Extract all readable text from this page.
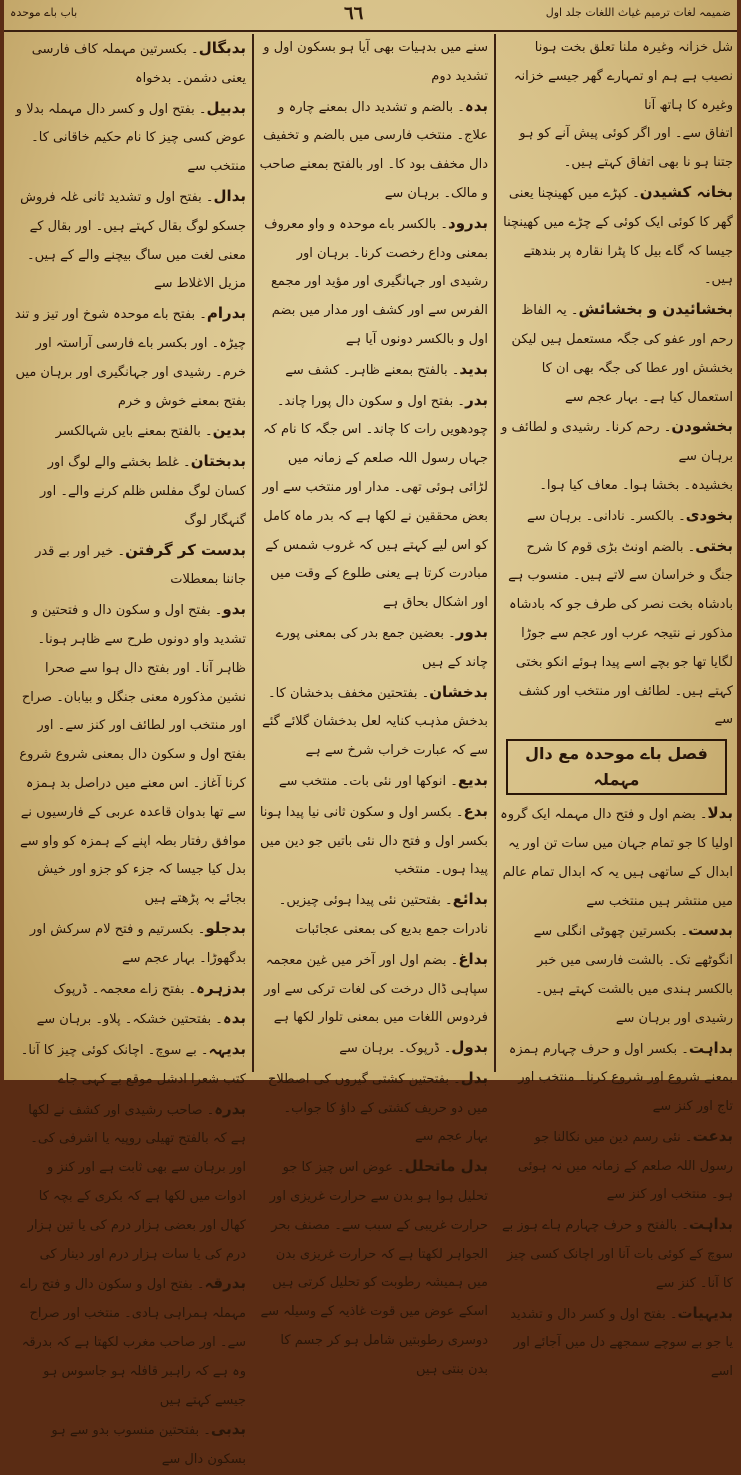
باب باے موحدہ	٦٦	ضمیمہ لغات ترمیم غیاث اللغات جلد اول

شل خزانہ وغیرہ ملنا تعلق بخت ہونا نصیب ہے ہم او تمہارے گھر جیسے خزانہ وغیرہ کا ہاتھ آنا

اتفاق سے۔ اور اگر کوئی پیش آنے کو ہو جتنا ہو نا بھی اتفاق کہتے ہیں۔

بخانہ کشیدن۔ کپڑے میں کھینچنا یعنی گھر کا کوئی ایک کوئی کے چڑے میں کھینچنا جیسا کہ گاے بیل کا پٹرا نقارہ پر بندھتے ہیں۔

بخشائیدن و بخشائش۔ یہ الفاظ رحم اور عفو کی جگہ مستعمل ہیں لیکن بخشش اور عطا کی جگہ بھی ان کا استعمال کیا ہے۔ بہار عجم سے

بخشودن۔ رحم کرنا۔ رشیدی و لطائف و برہان سے

بخشیدہ۔ بخشا ہوا۔ معاف کیا ہوا۔

بخودی۔ بالکسر۔ نادانی۔ برہان سے

بختی۔ بالضم اونٹ بڑی قوم کا شرح جنگ و خراسان سے لاتے ہیں۔ منسوب ہے بادشاہ بخت نصر کی طرف جو کہ بادشاہ مذکور نے نتیجہ عرب اور عجم سے جوڑا لگایا تھا جو بچے اسے پیدا ہوئے انکو بختی کہتے ہیں۔ لطائف اور منتخب اور کشف سے

فصل باے موحدہ مع دال مہملہ

بدلا۔ بضم اول و فتح دال مہملہ ایک گروہ اولیا کا جو تمام جہان میں سات تن اور یہ ابدال کے ساتھی ہیں یہ کہ ابدال تمام عالم میں منتشر ہیں منتخب سے

بدست۔ بکسرتین چھوٹی انگلی سے انگوٹھے تک۔ بالشت فارسی میں خبر بالکسر ہندی میں بالشت کہتے ہیں۔ رشیدی اور برہان سے

بداہت۔ بکسر اول و حرف چہارم ہمزہ بمعنے شروع اور شروع کرنا۔ منتخب اور تاج اور کنز سے

بدعت۔ نئی رسم دین میں نکالنا جو رسول اللہ صلعم کے زمانہ میں نہ ہوئی ہو۔ منتخب اور کنز سے

بداہت۔ بالفتح و حرف چہارم ہاے ہوز بے سوچ کے کوئی بات آنا اور اچانک کسی چیز کا آنا۔ کنز سے

بدیہیات۔ بفتح اول و کسر دال و تشدید یا جو بے سوچے سمجھے دل میں آجائے اور اسے

سنے میں بدہیات بھی آیا ہو بسکون اول و تشدید دوم

بدہ۔ بالضم و تشدید دال بمعنے چارہ و علاج۔ منتخب فارسی میں بالضم و تخفیف دال مخفف بود کا۔ اور بالفتح بمعنے صاحب و مالک۔ برہان سے

بدرود۔ بالکسر باے موحدہ و واو معروف بمعنی وداع رخصت کرنا۔ برہان اور رشیدی اور جہانگیری اور مؤید اور مجمع الفرس سے اور کشف اور مدار میں بضم اول و بالکسر دونوں آیا ہے

بدید۔ بالفتح بمعنے ظاہر۔ کشف سے

بدر۔ بفتح اول و سکون دال پورا چاند۔ چودھویں رات کا چاند۔ اس جگہ کا نام کہ جہاں رسول اللہ صلعم کے زمانہ میں لڑائی ہوئی تھی۔ مدار اور منتخب سے اور بعض محققین نے لکھا ہے کہ بدر ماہ کامل کو اس لیے کہتے ہیں کہ غروب شمس کے مبادرت کرتا ہے یعنی طلوع کے وقت میں اور اشکال بحاق ہے

بدور۔ بعضین جمع بدر کی بمعنی پورے چاند کے ہیں

بدخشان۔ بفتحتین مخفف بدخشان کا۔ بدخش مذہب کنایہ لعل بدخشان گلائے گئے سے کہ عبارت خراب شرخ سے ہے

بدیع۔ انوکھا اور نئی بات۔ منتخب سے

بدع۔ بکسر اول و سکون ثانی نیا پیدا ہونا بکسر اول و فتح دال نئی باتیں جو دین میں پیدا ہوں۔ منتخب

بدائع۔ بفتحتین نئی پیدا ہوئی چیزیں۔ نادرات جمع بدیع کی بمعنی عجائبات

بداغ۔ بضم اول اور آخر میں غین معجمہ سپاہی ڈال درخت کی لغات ترکی سے اور فردوس اللغات میں بمعنی تلوار لکھا ہے

بدول۔ ڈرپوک۔ برہان سے

بدل۔ بفتحتین کشتی گیروں کی اصطلاح میں دو حریف کشتی کے داؤ کا جواب۔ بہار عجم سے

بدل ماتحلل۔ عوض اس چیز کا جو تحلیل ہوا ہو بدن سے حرارت غریزی اور حرارت غریبی کے سبب سے۔ مصنف بحر الجواہر لکھتا ہے کہ حرارت غریزی بدن میں ہمیشہ رطوبت کو تحلیل کرتی ہیں اسکے عوض میں قوت غاذیہ کے وسیلہ سے دوسری رطوبتیں شامل ہو کر جسم کا بدن بنتی ہیں

بدبگال۔ بکسرتین مہملہ کاف فارسی یعنی دشمن۔ بدخواہ

بدبیل۔ بفتح اول و کسر دال مہملہ بدلا و عوض کسی چیز کا نام حکیم خاقانی کا۔ منتخب سے

بدال۔ بفتح اول و تشدید ثانی غلہ فروش جسکو لوگ بقال کہتے ہیں۔ اور بقال کے معنی لغت میں ساگ بیچنے والے کے ہیں۔ مزیل الاغلاط سے

بدرام۔ بفتح باے موحدہ شوخ اور تیز و تند چیڑہ۔ اور بکسر باے فارسی آراستہ اور خرم۔ رشیدی اور جہانگیری اور برہان میں بفتح بمعنے خوش و خرم

بدین۔ بالفتح بمعنے بایں شہالکسر

بدبختان۔ غلط بخشے والے لوگ اور کسان لوگ مفلس ظلم کرنے والے۔ اور گنہگار لوگ

بدست کر گرفتن۔ خیر اور بے قدر جاننا بمعطلات

بدو۔ بفتح اول و سکون دال و فتحتین و تشدید واو دونوں طرح سے ظاہر ہونا۔ ظاہر آنا۔ اور بفتح دال ہوا سے صحرا نشین مذکورہ معنی جنگل و بیابان۔ صراح اور منتخب اور لطائف اور کنز سے۔ اور بفتح اول و سکون دال بمعنی شروع شروع کرنا آغاز۔ اس معنے میں دراصل بد ہمزہ سے تھا بدوان قاعدہ عربی کے فارسیوں نے موافق رفتار بطہ اپنے کے ہمزہ کو واو سے بدل کیا جیسا کہ جزء کو جزو اور خیش بجائے بہ پڑھتے ہیں

بدجلو۔ بکسرتیم و فتح لام سرکش اور بدگھوڑا۔ بہار عجم سے

بدزہرہ۔ بفتح زاے معجمہ۔ ڈرپوک

بدہ۔ بفتحتین خشکہ۔ پلاو۔ برہان سے

بدیہہ۔ بے سوچ۔ اچانک کوئی چیز کا آنا۔ کتب شعرا ادشل موقع بے کہی جاے

بدرہ۔ صاحب رشیدی اور کشف نے لکھا ہے کہ بالفتح تھیلی روپیہ یا اشرفی کی۔ اور برہان سے بھی ثابت ہے اور کنز و ادوات میں لکھا ہے کہ بکری کے بچہ کا کھال اور بعضی ہزار درم کی یا تین ہزار درم کی یا سات ہزار درم اور دینار کی

بدرقہ۔ بفتح اول و سکون دال و فتح راے مہملہ ہمراہی ہادی۔ منتخب اور صراح سے۔ اور صاحب مغرب لکھتا ہے کہ بدرقہ وہ ہے کہ راہبر قافلہ ہو جاسوس ہو جیسے کہتے ہیں

بدبی۔ بفتحتین منسوب بدو سے ہو بسکون دال سے
